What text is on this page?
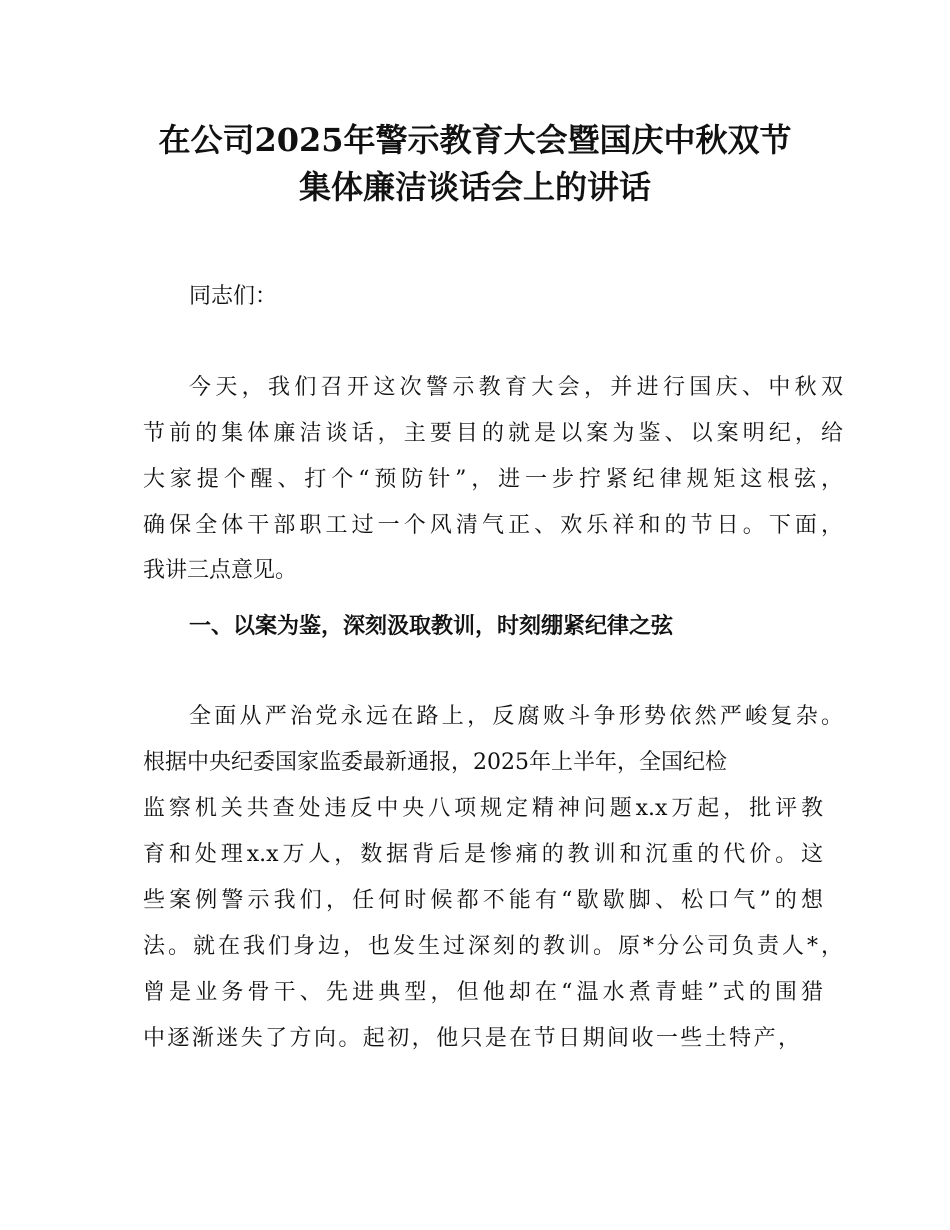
在公司2025年警示教育大会暨国庆中秋双节
集体廉洁谈话会上的讲话
同志们：
今天，我们召开这次警示教育大会，并进行国庆、中秋双
节前的集体廉洁谈话，主要目的就是以案为鉴、以案明纪，给
大家提个醒、打个“预防针”，进一步拧紧纪律规矩这根弦，
确保全体干部职工过一个风清气正、欢乐祥和的节日。下面，
我讲三点意见。
一、以案为鉴，深刻汲取教训，时刻绷紧纪律之弦
全面从严治党永远在路上，反腐败斗争形势依然严峻复杂。
根据中央纪委国家监委最新通报，2025年上半年，全国纪检
监察机关共查处违反中央八项规定精神问题x.x万起，批评教
育和处理x.x万人，数据背后是惨痛的教训和沉重的代价。这
些案例警示我们，任何时候都不能有“歇歇脚、松口气”的想
法。就在我们身边，也发生过深刻的教训。原*分公司负责人*，
曾是业务骨干、先进典型，但他却在“温水煮青蛙”式的围猎
中逐渐迷失了方向。起初，他只是在节日期间收一些土特产，
